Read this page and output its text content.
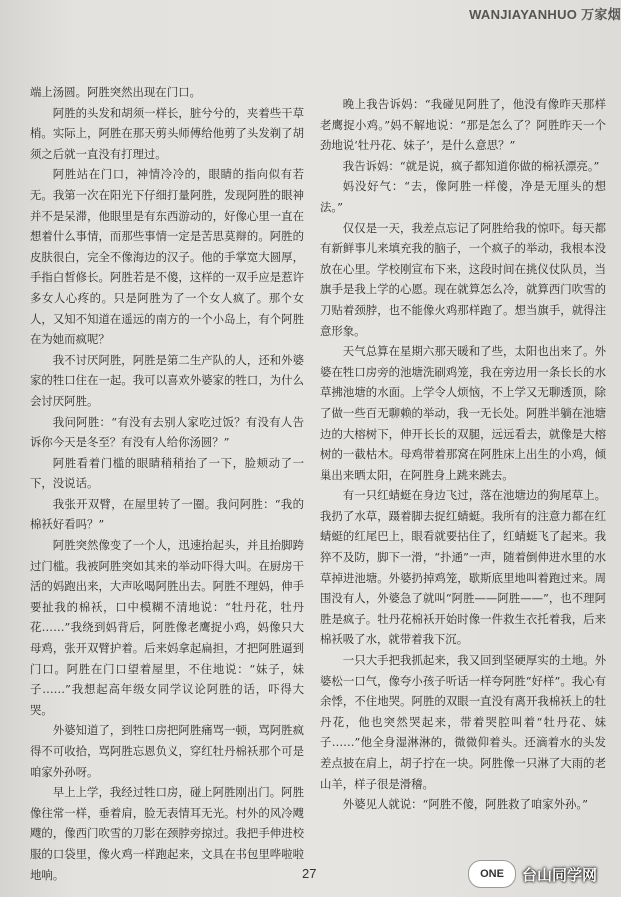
WANJIAYANHUO 万家烟

端上汤圆。阿胜突然出现在门口。

阿胜的头发和胡须一样长，脏兮兮的，夹着些干草梢。实际上，阿胜在那天剪头师傅给他剪了头发剃了胡须之后就一直没有打理过。

阿胜站在门口，神情冷冷的，眼睛的指向似有若无。我第一次在阳光下仔细打量阿胜，发现阿胜的眼神并不是呆滞，他眼里是有东西游动的，好像心里一直在想着什么事情，而那些事情一定是苦思莫辩的。阿胜的皮肤很白，完全不像海边的汉子。他的手掌宽大圆厚，手指白皙修长。阿胜若是不傻，这样的一双手应是惹许多女人心疼的。只是阿胜为了一个女人疯了。那个女人，又知不知道在遥远的南方的一个小岛上，有个阿胜在为她而疯呢？

我不讨厌阿胜，阿胜是第二生产队的人，还和外婆家的牲口住在一起。我可以喜欢外婆家的牲口，为什么会讨厌阿胜。

我问阿胜：“有没有去别人家吃过饭？有没有人告诉你今天是冬至？有没有人给你汤圆？”

阿胜看着门槛的眼睛稍稍抬了一下，脸颊动了一下，没说话。

我张开双臂，在屋里转了一圈。我问阿胜：“我的棉袄好看吗？”

阿胜突然像变了一个人，迅速抬起头，并且抬脚跨过门槛。我被阿胜突如其来的举动吓得大叫。在厨房干活的妈跑出来，大声吆喝阿胜出去。阿胜不理妈，伸手要扯我的棉袄，口中模糊不清地说：“牡丹花，牡丹花……”我绕到妈背后，阿胜像老鹰捉小鸡，妈像只大母鸡，张开双臂护着。后来妈拿起扁担，才把阿胜逼到门口。阿胜在门口望着屋里，不住地说：“妹子，妹子……”我想起高年级女同学议论阿胜的话，吓得大哭。

外婆知道了，到牲口房把阿胜痛骂一顿，骂阿胜疯得不可收拾，骂阿胜忘恩负义，穿红牡丹棉袄那个可是咱家外孙呀。

早上上学，我经过牲口房，碰上阿胜刚出门。阿胜像往常一样，垂着肩，脸无表情耳无光。村外的风冷飕飕的，像西门吹雪的刀影在颈脖旁掠过。我把手伸进校服的口袋里，像火鸡一样跑起来，文具在书包里哗啦啦地响。

晚上我告诉妈：“我碰见阿胜了，他没有像昨天那样老鹰捉小鸡。”妈不解地说：“那是怎么了？阿胜昨天一个劲地说‘牡丹花、妹子’，是什么意思？”

我告诉妈：“就是说，疯子都知道你做的棉袄漂亮。”

妈没好气：“去，像阿胜一样傻，净是无厘头的想法。”

仅仅是一天，我差点忘记了阿胜给我的惊吓。每天都有新鲜事儿来填充我的脑子，一个疯子的举动，我根本没放在心里。学校刚宣布下来，这段时间在挑仪仗队员，当旗手是我上学的心愿。现在就算怎么冷，就算西门吹雪的刀贴着颈脖，也不能像火鸡那样跑了。想当旗手，就得注意形象。

天气总算在星期六那天暖和了些，太阳也出来了。外婆在牲口房旁的池塘洗刷鸡笼，我在旁边用一条长长的水草拂池塘的水面。上学令人烦恼，不上学又无聊透顶，除了做一些百无聊赖的举动，我一无长处。阿胜半躺在池塘边的大榕树下，伸开长长的双腿，远远看去，就像是大榕树的一截枯木。母鸡带着那窝在阿胜床上出生的小鸡，倾巢出来晒太阳，在阿胜身上跳来跳去。

有一只红蜻蜓在身边飞过，落在池塘边的狗尾草上。我扔了水草，蹑着脚去捉红蜻蜓。我所有的注意力都在红蜻蜓的红尾巴上，眼看就要拈住了，红蜻蜓飞了起来。我猝不及防，脚下一滑，“扑通”一声，随着倒伸进水里的水草掉进池塘。外婆扔掉鸡笼，歇斯底里地叫着跑过来。周围没有人，外婆急了就叫“阿胜——阿胜——”，也不理阿胜是疯子。牡丹花棉袄开始时像一件救生衣托着我，后来棉袄吸了水，就带着我下沉。

一只大手把我抓起来，我又回到坚硬厚实的土地。外婆松一口气，像夸小孩子听话一样夸阿胜“好样”。我心有余悸，不住地哭。阿胜的双眼一直没有离开我棉袄上的牡丹花，他也突然哭起来，带着哭腔叫着“牡丹花、妹子……”他全身湿淋淋的，微微仰着头。还滴着水的头发差点披在肩上，胡子拧在一块。阿胜像一只淋了大雨的老山羊，样子很是滑稽。

外婆见人就说：“阿胜不傻，阿胜救了咱家外孙。”

27	ONE	台山同学网
